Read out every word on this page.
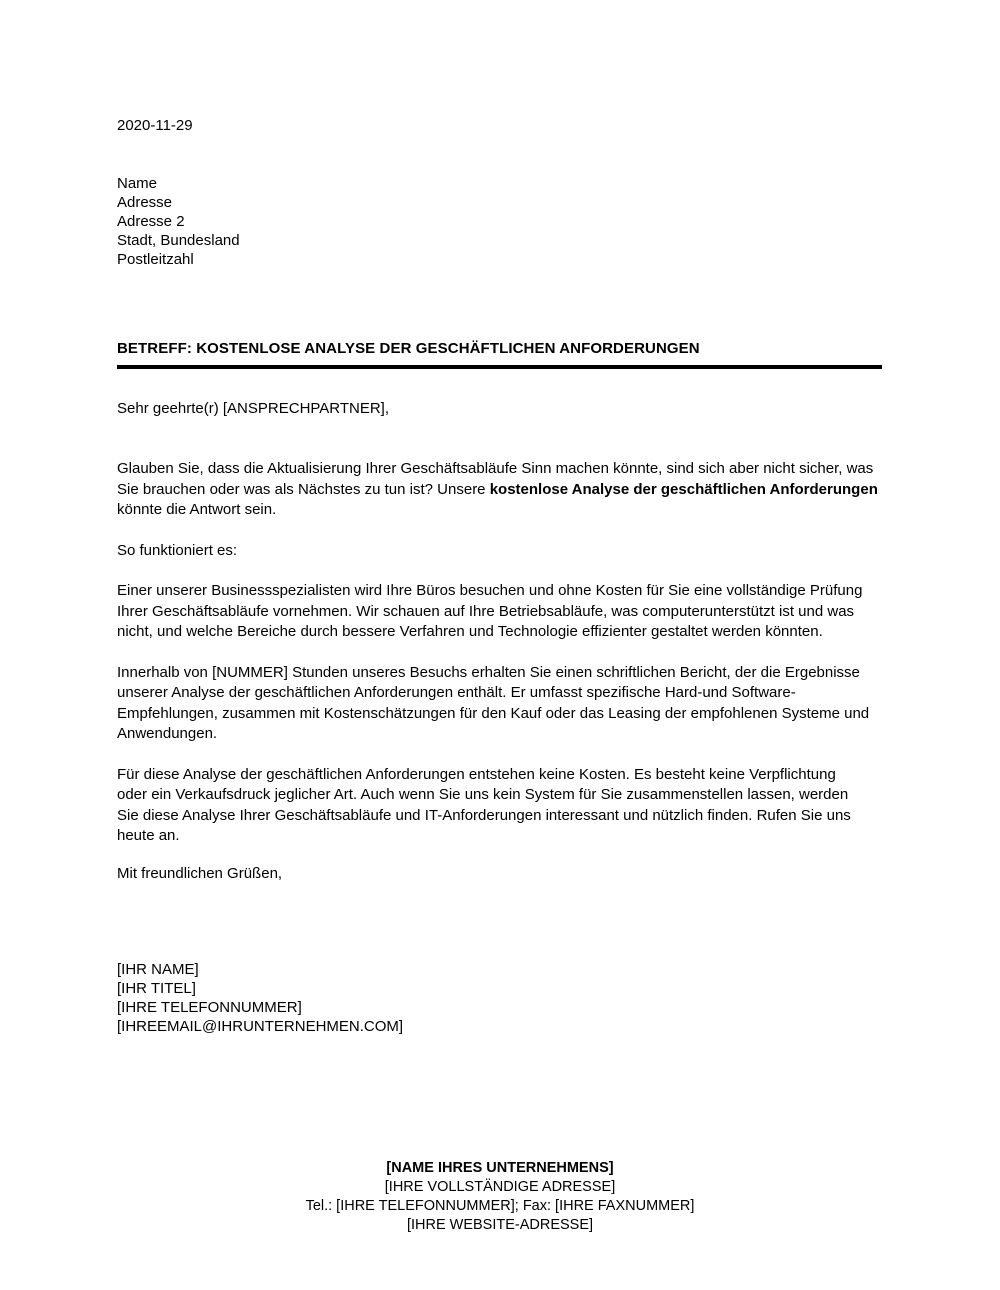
2020-11-29
Name
Adresse
Adresse 2
Stadt, Bundesland
Postleitzahl
BETREFF: KOSTENLOSE ANALYSE DER GESCHÄFTLICHEN ANFORDERUNGEN
Sehr geehrte(r) [ANSPRECHPARTNER],

Glauben Sie, dass die Aktualisierung Ihrer Geschäftsabläufe Sinn machen könnte, sind sich aber nicht sicher, was Sie brauchen oder was als Nächstes zu tun ist? Unsere kostenlose Analyse der geschäftlichen Anforderungen könnte die Antwort sein.

So funktioniert es:

Einer unserer Businessspezialisten wird Ihre Büros besuchen und ohne Kosten für Sie eine vollständige Prüfung Ihrer Geschäftsabläufe vornehmen. Wir schauen auf Ihre Betriebsabläufe, was computerunterstützt ist und was nicht, und welche Bereiche durch bessere Verfahren und Technologie effizienter gestaltet werden könnten.

Innerhalb von [NUMMER] Stunden unseres Besuchs erhalten Sie einen schriftlichen Bericht, der die Ergebnisse unserer Analyse der geschäftlichen Anforderungen enthält. Er umfasst spezifische Hard-und Software-Empfehlungen, zusammen mit Kostenschätzungen für den Kauf oder das Leasing der empfohlenen Systeme und Anwendungen.

Für diese Analyse der geschäftlichen Anforderungen entstehen keine Kosten. Es besteht keine Verpflichtung oder ein Verkaufsdruck jeglicher Art. Auch wenn Sie uns kein System für Sie zusammenstellen lassen, werden Sie diese Analyse Ihrer Geschäftsabläufe und IT-Anforderungen interessant und nützlich finden. Rufen Sie uns heute an.

Mit freundlichen Grüßen,
[IHR NAME]
[IHR TITEL]
[IHRE TELEFONNUMMER]
[IHREEMAIL@IHRUNTERNEHMEN.COM]
[NAME IHRES UNTERNEHMENS]
[IHRE VOLLSTÄNDIGE ADRESSE]
Tel.: [IHRE TELEFONNUMMER]; Fax: [IHRE FAXNUMMER]
[IHRE WEBSITE-ADRESSE]
